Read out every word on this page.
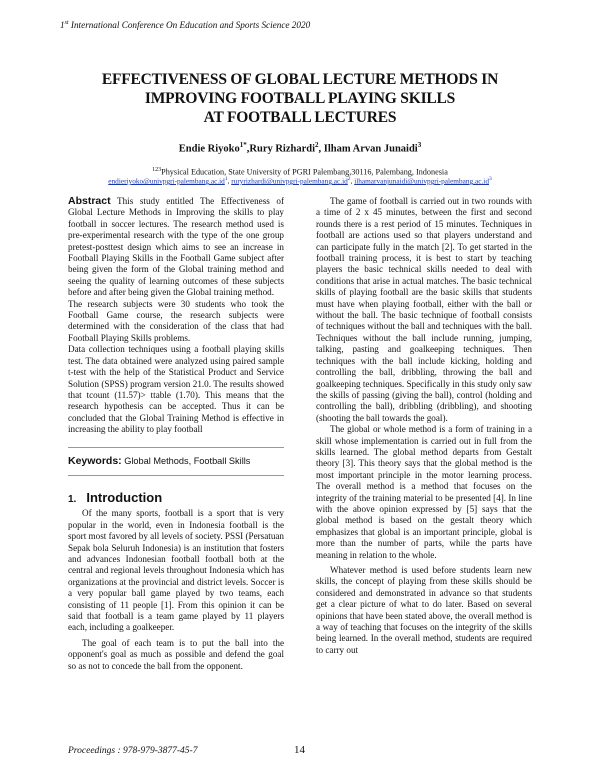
1st International Conference On Education and Sports Science 2020
EFFECTIVENESS OF GLOBAL LECTURE METHODS IN
IMPROVING FOOTBALL PLAYING SKILLS
AT FOOTBALL LECTURES
Endie Riyoko$^{1*}$,Rury Rizhardi$^2$, Ilham Arvan Junaidi$^3$
$^{123}$Physical Education, State University of PGRI Palembang,30116, Palembang, Indonesia
$endieriyoko@univpgri-palembang.ac.id^1$, $ruryrizhardi@univpgri-palembang.ac.id^2$, $ilhamarvanjunaidi@univpgri-palembang.ac.id^3$

Abstract This study entitled The Effectiveness of Global Lecture Methods in Improving the skills to play football in soccer lectures. The research method used is pre-experimental research with the type of the one group pretest-posttest design which aims to see an increase in Football Playing Skills in the Football Game subject after being given the form of the Global training method and seeing the quality of learning outcomes of these subjects before and after being given the Global training method.

The research subjects were 30 students who took the Football Game course, the research subjects were determined with the consideration of the class that had Football Playing Skills problems.

Data collection techniques using a football playing skills test. The data obtained were analyzed using paired sample t-test with the help of the Statistical Product and Service Solution (SPSS) program version 21.0. The results showed that tcount (11.57)> ttable (1.70). This means that the research hypothesis can be accepted. Thus it can be concluded that the Global Training Method is effective in increasing the ability to play football

Keywords: Global Methods, Football Skills
1. Introduction

Of the many sports, football is a sport that is very popular in the world, even in Indonesia football is the sport most favored by all levels of society. PSSI (Persatuan Sepak bola Seluruh Indonesia) is an institution that fosters and advances Indonesian football football both at the central and regional levels throughout Indonesia which has organizations at the provincial and district levels. Soccer is a very popular ball game played by two teams, each consisting of 11 people [1]. From this opinion it can be said that football is a team game played by 11 players each, including a goalkeeper.

The goal of each team is to put the ball into the opponent's goal as much as possible and defend the goal so as not to concede the ball from the opponent.

The game of football is carried out in two rounds with a time of 2 x 45 minutes, between the first and second rounds there is a rest period of 15 minutes. Techniques in football are actions used so that players understand and can participate fully in the match [2]. To get started in the football training process, it is best to start by teaching players the basic technical skills needed to deal with conditions that arise in actual matches. The basic technical skills of playing football are the basic skills that students must have when playing football, either with the ball or without the ball. The basic technique of football consists of techniques without the ball and techniques with the ball. Techniques without the ball include running, jumping, talking, pasting and goalkeeping techniques. Then techniques with the ball include kicking, holding and controlling the ball, dribbling, throwing the ball and goalkeeping techniques. Specifically in this study only saw the skills of passing (giving the ball), control (holding and controlling the ball), dribbling (dribbling), and shooting (shooting the ball towards the goal).

The global or whole method is a form of training in a skill whose implementation is carried out in full from the skills learned. The global method departs from Gestalt theory [3]. This theory says that the global method is the most important principle in the motor learning process. The overall method is a method that focuses on the integrity of the training material to be presented [4]. In line with the above opinion expressed by [5] says that the global method is based on the gestalt theory which emphasizes that global is an important principle, global is more than the number of parts, while the parts have meaning in relation to the whole.

Whatever method is used before students learn new skills, the concept of playing from these skills should be considered and demonstrated in advance so that students get a clear picture of what to do later. Based on several opinions that have been stated above, the overall method is a way of teaching that focuses on the integrity of the skills being learned. In the overall method, students are required to carry out

Proceedings : 978-979-3877-45-7	14
